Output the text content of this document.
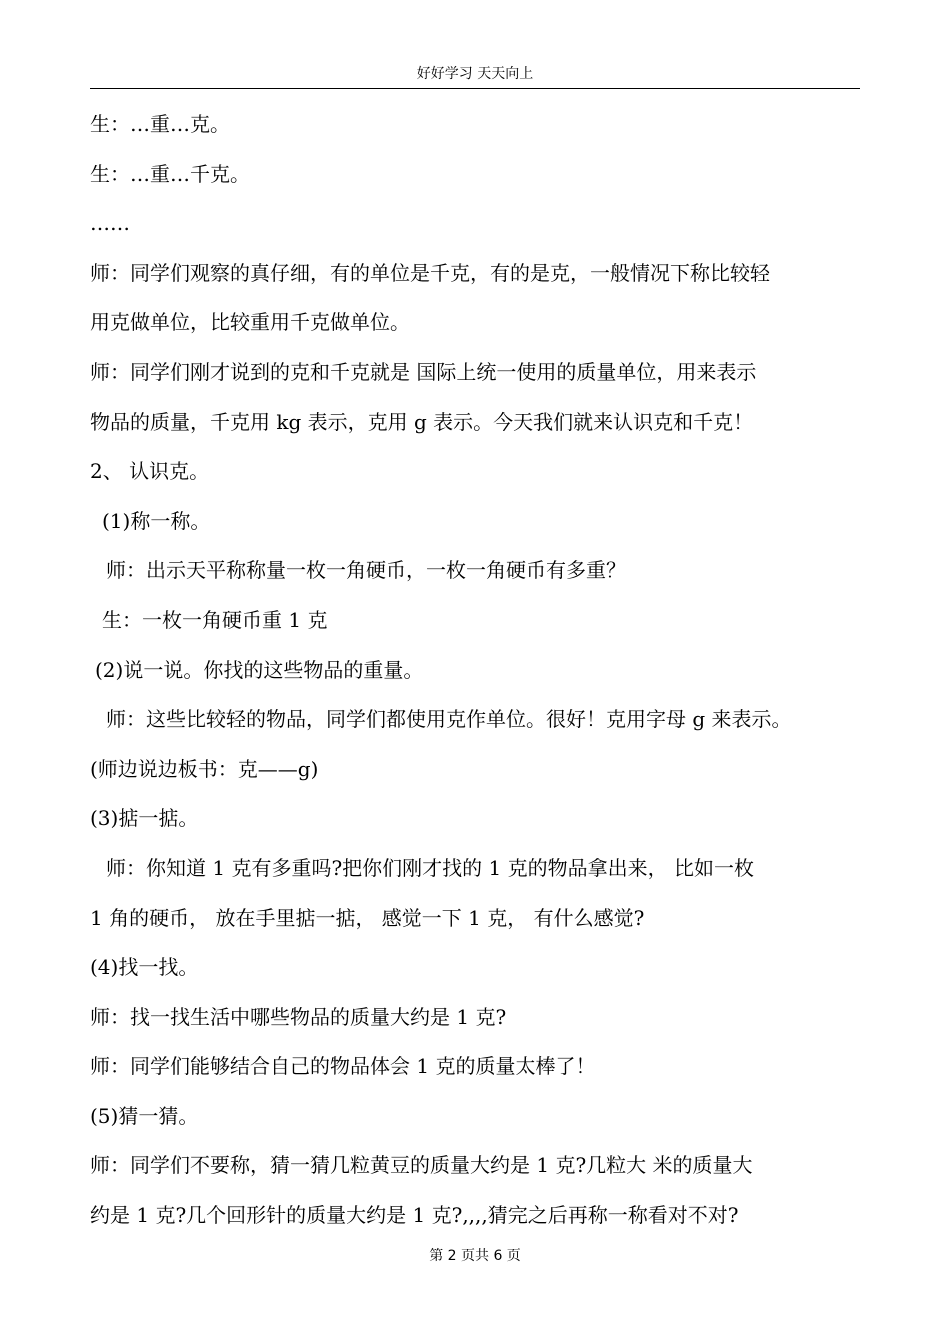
好好学习 天天向上
生：…重…克。
生：…重…千克。
……
师：同学们观察的真仔细，有的单位是千克，有的是克，一般情况下称比较轻
用克做单位，比较重用千克做单位。
师：同学们刚才说到的克和千克就是 国际上统一使用的质量单位，用来表示
物品的质量，千克用 kg 表示，克用 g 表示。今天我们就来认识克和千克！
2、 认识克。
(1)称一称。
师：出示天平称称量一枚一角硬币，一枚一角硬币有多重？
生：一枚一角硬币重 1 克
(2)说一说。你找的这些物品的重量。
师：这些比较轻的物品，同学们都使用克作单位。很好！克用字母 g 来表示。
(师边说边板书：克——g)
(3)掂一掂。
师：你知道 1 克有多重吗?把你们刚才找的 1 克的物品拿出来， 比如一枚
1 角的硬币， 放在手里掂一掂， 感觉一下 1 克， 有什么感觉?
(4)找一找。
师：找一找生活中哪些物品的质量大约是 1 克?
师：同学们能够结合自己的物品体会 1 克的质量太棒了！
(5)猜一猜。
师：同学们不要称，猜一猜几粒黄豆的质量大约是 1 克?几粒大 米的质量大
约是 1 克?几个回形针的质量大约是 1 克?,,,,猜完之后再称一称看对不对?
第 2 页共 6 页
